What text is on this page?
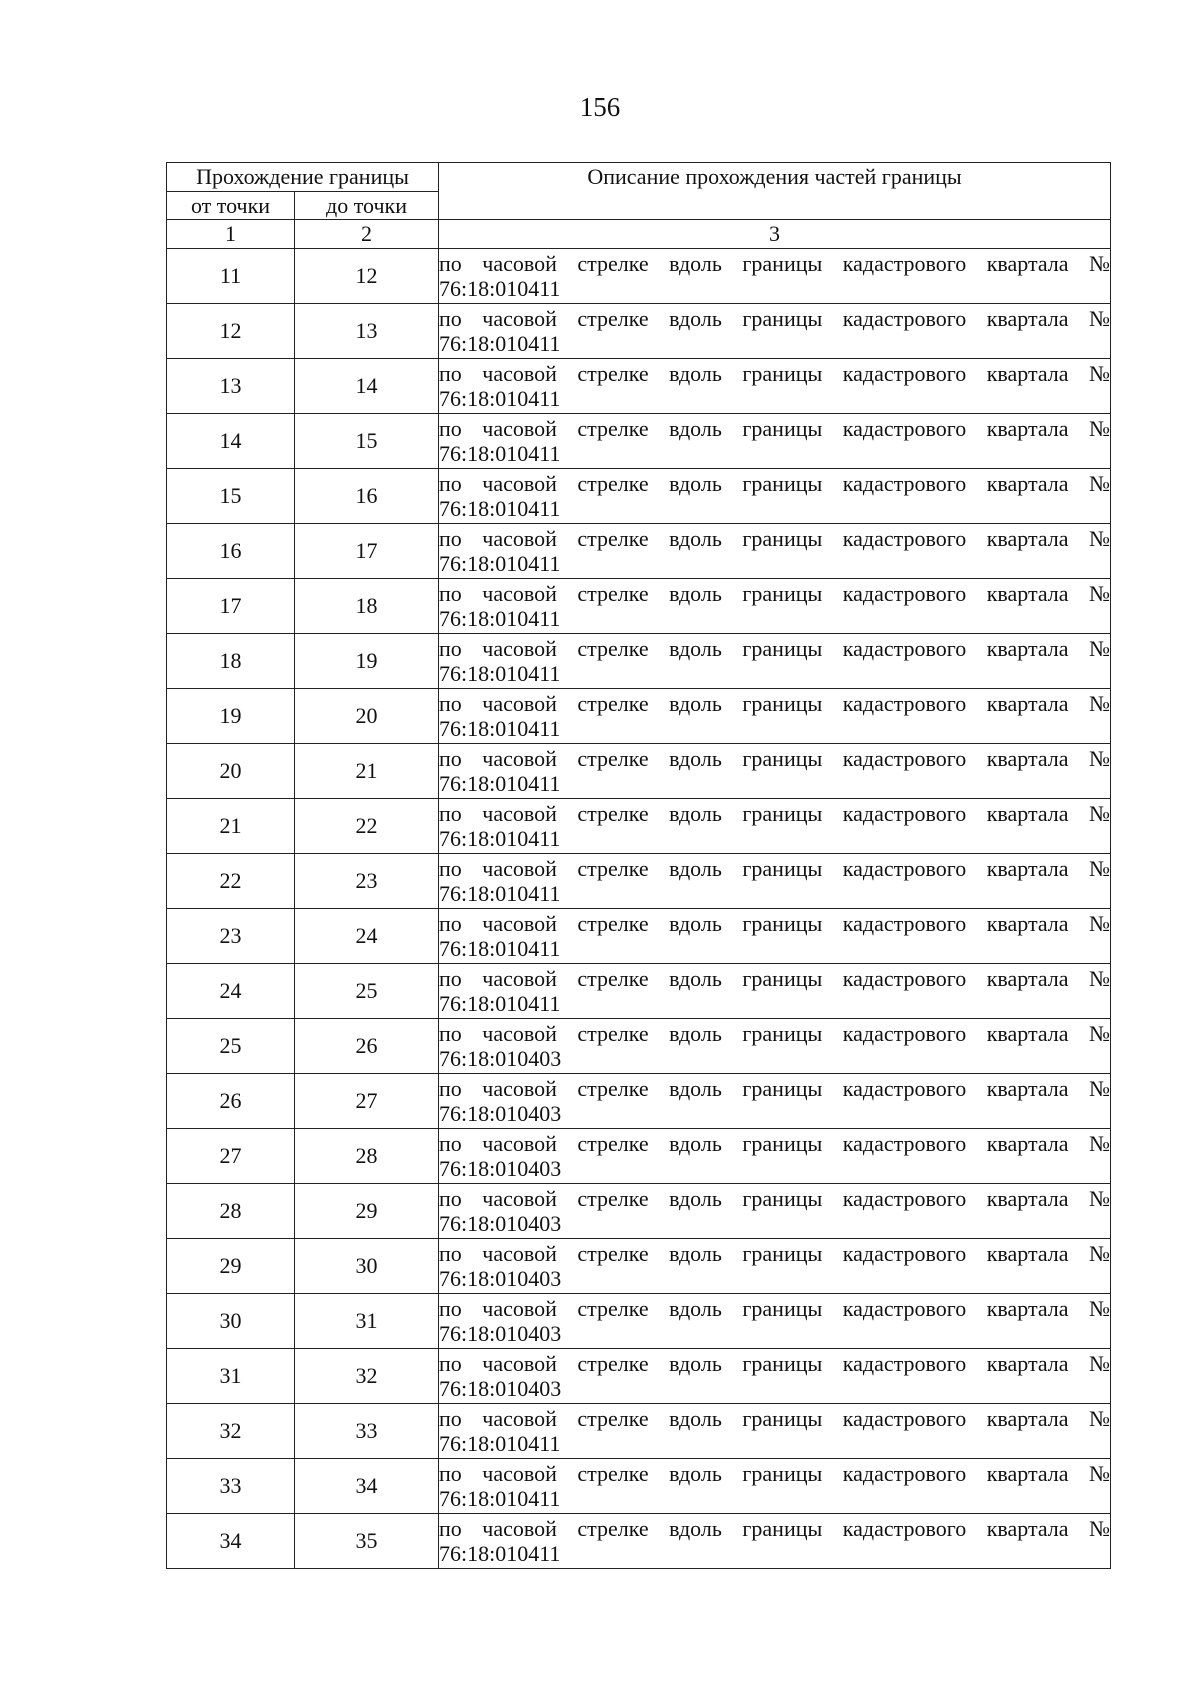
156
Прохождение границы		Описание прохождения частей границы
от точки	до точки	
1	2	3
11	12	по часовой стрелке вдоль границы кадастрового квартала №
76:18:010411

12	13	по часовой стрелке вдоль границы кадастрового квартала №
76:18:010411

13	14	по часовой стрелке вдоль границы кадастрового квартала №
76:18:010411

14	15	по часовой стрелке вдоль границы кадастрового квартала №
76:18:010411

15	16	по часовой стрелке вдоль границы кадастрового квартала №
76:18:010411

16	17	по часовой стрелке вдоль границы кадастрового квартала №
76:18:010411

17	18	по часовой стрелке вдоль границы кадастрового квартала №
76:18:010411

18	19	по часовой стрелке вдоль границы кадастрового квартала №
76:18:010411

19	20	по часовой стрелке вдоль границы кадастрового квартала №
76:18:010411

20	21	по часовой стрелке вдоль границы кадастрового квартала №
76:18:010411

21	22	по часовой стрелке вдоль границы кадастрового квартала №
76:18:010411

22	23	по часовой стрелке вдоль границы кадастрового квартала №
76:18:010411

23	24	по часовой стрелке вдоль границы кадастрового квартала №
76:18:010411

24	25	по часовой стрелке вдоль границы кадастрового квартала №
76:18:010411

25	26	по часовой стрелке вдоль границы кадастрового квартала №
76:18:010403

26	27	по часовой стрелке вдоль границы кадастрового квартала №
76:18:010403

27	28	по часовой стрелке вдоль границы кадастрового квартала №
76:18:010403

28	29	по часовой стрелке вдоль границы кадастрового квартала №
76:18:010403

29	30	по часовой стрелке вдоль границы кадастрового квартала №
76:18:010403

30	31	по часовой стрелке вдоль границы кадастрового квартала №
76:18:010403

31	32	по часовой стрелке вдоль границы кадастрового квартала №
76:18:010403

32	33	по часовой стрелке вдоль границы кадастрового квартала №
76:18:010411

33	34	по часовой стрелке вдоль границы кадастрового квартала №
76:18:010411

34	35	по часовой стрелке вдоль границы кадастрового квартала №
76:18:010411
